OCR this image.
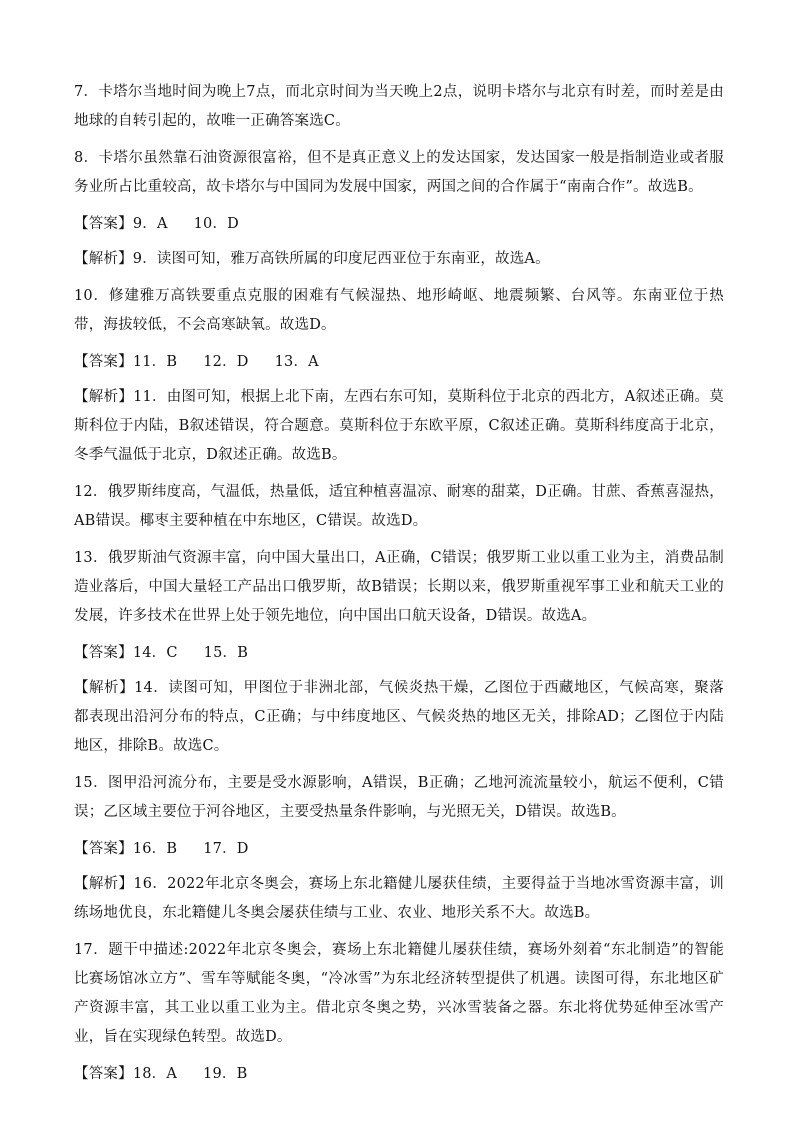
7．卡塔尔当地时间为晚上7点，而北京时间为当天晚上2点，说明卡塔尔与北京有时差，而时差是由地球的自转引起的，故唯一正确答案选C。

8．卡塔尔虽然靠石油资源很富裕，但不是真正意义上的发达国家，发达国家一般是指制造业或者服务业所占比重较高，故卡塔尔与中国同为发展中国家，两国之间的合作属于“南南合作”。故选B。

【答案】9．A 10．D

【解析】9．读图可知，雅万高铁所属的印度尼西亚位于东南亚，故选A。

10．修建雅万高铁要重点克服的困难有气候湿热、地形崎岖、地震频繁、台风等。东南亚位于热带，海拔较低，不会高寒缺氧。故选D。

【答案】11．B 12．D 13．A

【解析】11．由图可知，根据上北下南，左西右东可知，莫斯科位于北京的西北方，A叙述正确。莫斯科位于内陆，B叙述错误，符合题意。莫斯科位于东欧平原，C叙述正确。莫斯科纬度高于北京，冬季气温低于北京，D叙述正确。故选B。

12．俄罗斯纬度高，气温低，热量低，适宜种植喜温凉、耐寒的甜菜，D正确。甘蔗、香蕉喜湿热，AB错误。椰枣主要种植在中东地区，C错误。故选D。

13．俄罗斯油气资源丰富，向中国大量出口，A正确，C错误；俄罗斯工业以重工业为主，消费品制造业落后，中国大量轻工产品出口俄罗斯，故B错误；长期以来，俄罗斯重视军事工业和航天工业的发展，许多技术在世界上处于领先地位，向中国出口航天设备，D错误。故选A。

【答案】14．C 15．B

【解析】14．读图可知，甲图位于非洲北部，气候炎热干燥，乙图位于西藏地区，气候高寒，聚落都表现出沿河分布的特点，C正确；与中纬度地区、气候炎热的地区无关，排除AD；乙图位于内陆地区，排除B。故选C。

15．图甲沿河流分布，主要是受水源影响，A错误，B正确；乙地河流流量较小，航运不便利，C错误；乙区域主要位于河谷地区，主要受热量条件影响，与光照无关，D错误。故选B。

【答案】16．B 17．D

【解析】16．2022年北京冬奥会，赛场上东北籍健儿屡获佳绩，主要得益于当地冰雪资源丰富，训练场地优良，东北籍健儿冬奥会屡获佳绩与工业、农业、地形关系不大。故选B。

17．题干中描述:2022年北京冬奥会，赛场上东北籍健儿屡获佳绩，赛场外刻着“东北制造”的智能比赛场馆冰立方”、雪车等赋能冬奥，“冷冰雪”为东北经济转型提供了机遇。读图可得，东北地区矿产资源丰富，其工业以重工业为主。借北京冬奥之势，兴冰雪装备之器。东北将优势延伸至冰雪产业，旨在实现绿色转型。故选D。

【答案】18．A 19．B
